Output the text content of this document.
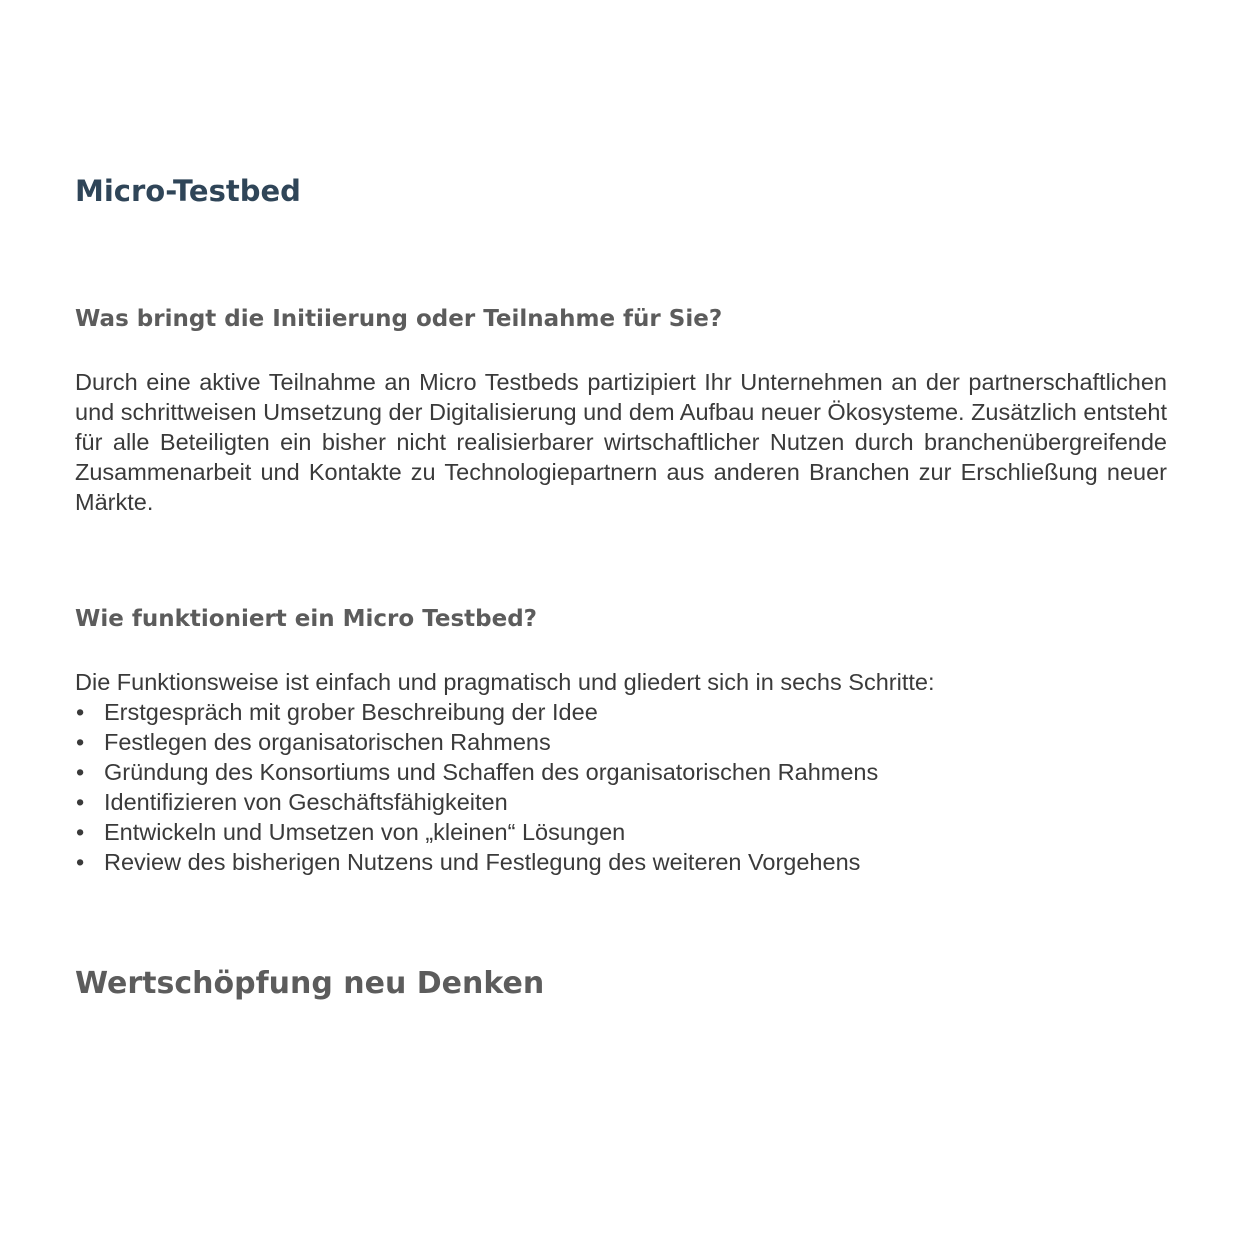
Micro-Testbed
Was bringt die Initiierung oder Teilnahme für Sie?

Durch eine aktive Teilnahme an Micro Testbeds partizipiert Ihr Unternehmen an der partnerschaftlichen und schrittweisen Umsetzung der Digitalisierung und dem Aufbau neuer Ökosysteme. Zusätzlich entsteht für alle Beteiligten ein bisher nicht realisierbarer wirtschaftlicher Nutzen durch branchenübergreifende Zusammenarbeit und Kontakte zu Technologiepartnern aus anderen Branchen zur Erschließung neuer Märkte.

Wie funktioniert ein Micro Testbed?

Die Funktionsweise ist einfach und pragmatisch und gliedert sich in sechs Schritte:

• Erstgespräch mit grober Beschreibung der Idee
• Festlegen des organisatorischen Rahmens
• Gründung des Konsortiums und Schaffen des organisatorischen Rahmens
• Identifizieren von Geschäftsfähigkeiten
• Entwickeln und Umsetzen von „kleinen“ Lösungen
• Review des bisherigen Nutzens und Festlegung des weiteren Vorgehens
Wertschöpfung neu Denken
